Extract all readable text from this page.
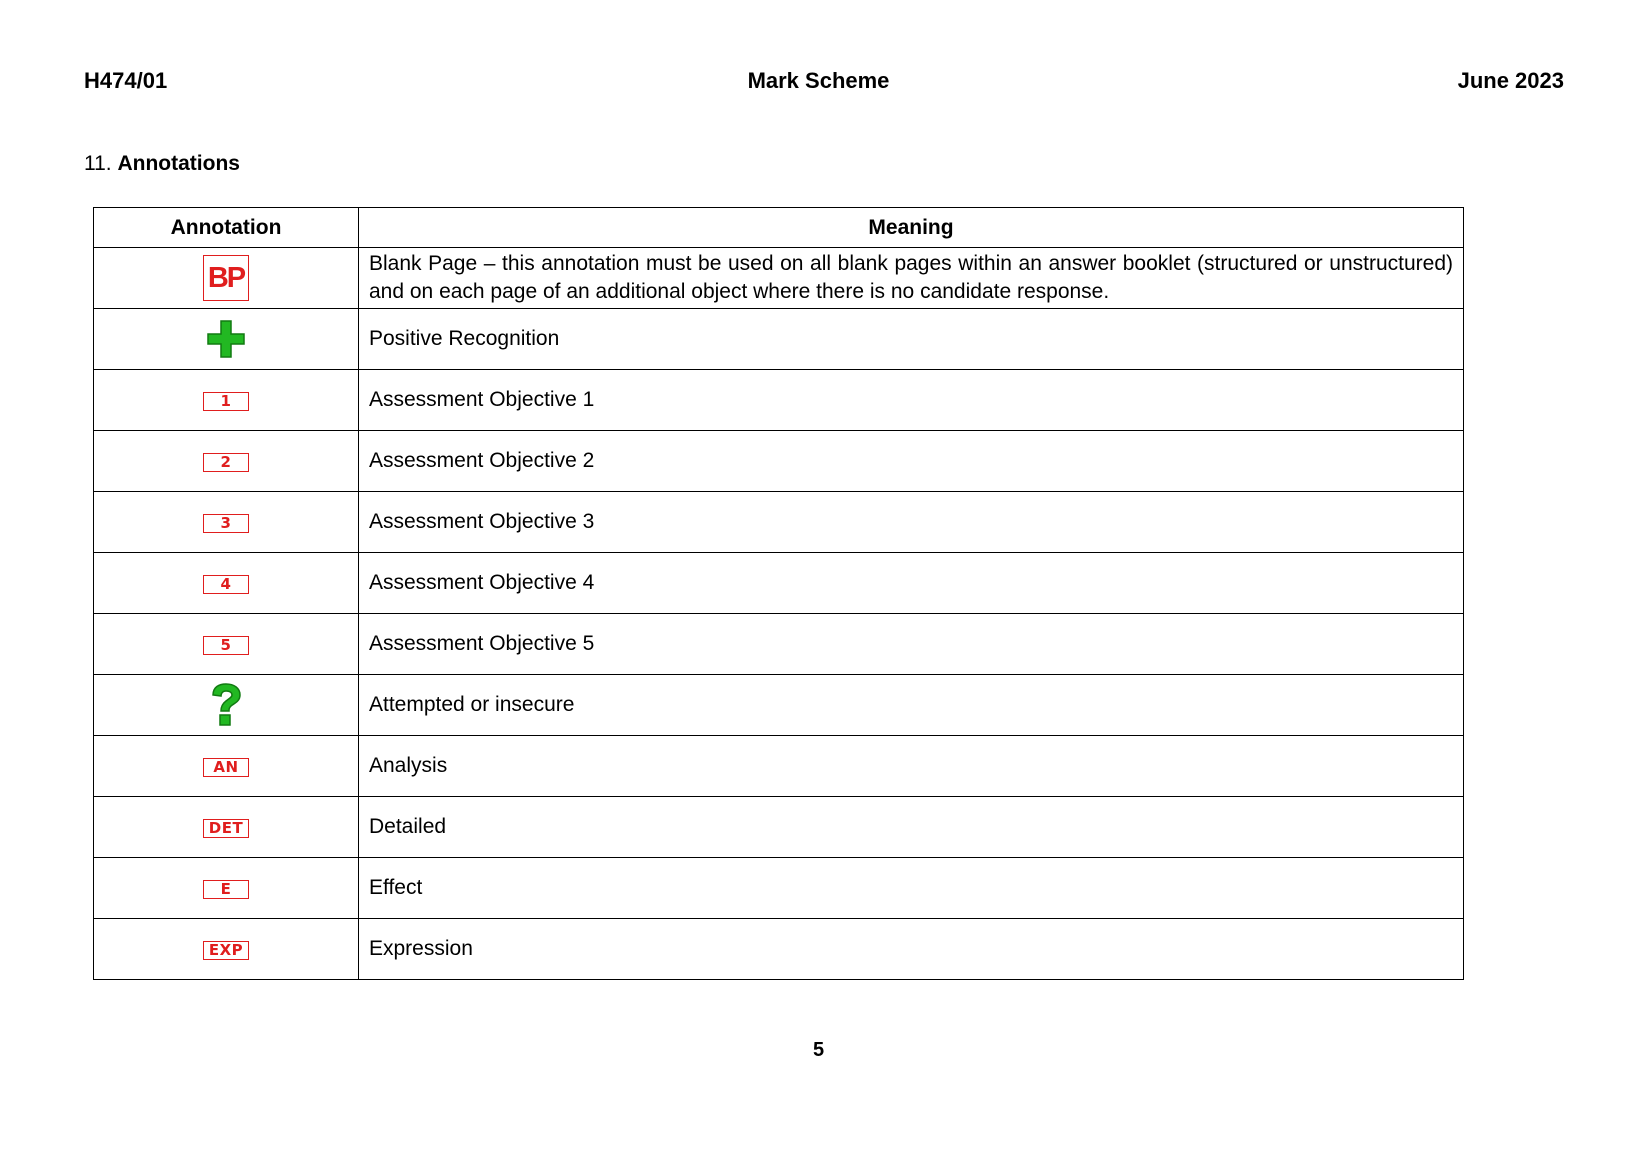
H474/01	Mark Scheme	June 2023
11. Annotations
Annotation	Meaning
BP	Blank Page – this annotation must be used on all blank pages within an answer booklet (structured or unstructured) and on each page of an additional object where there is no candidate response.
	Positive Recognition
1	Assessment Objective 1
2	Assessment Objective 2
3	Assessment Objective 3
4	Assessment Objective 4
5	Assessment Objective 5
	Attempted or insecure
AN	Analysis
DET	Detailed
E	Effect
EXP	Expression
5
